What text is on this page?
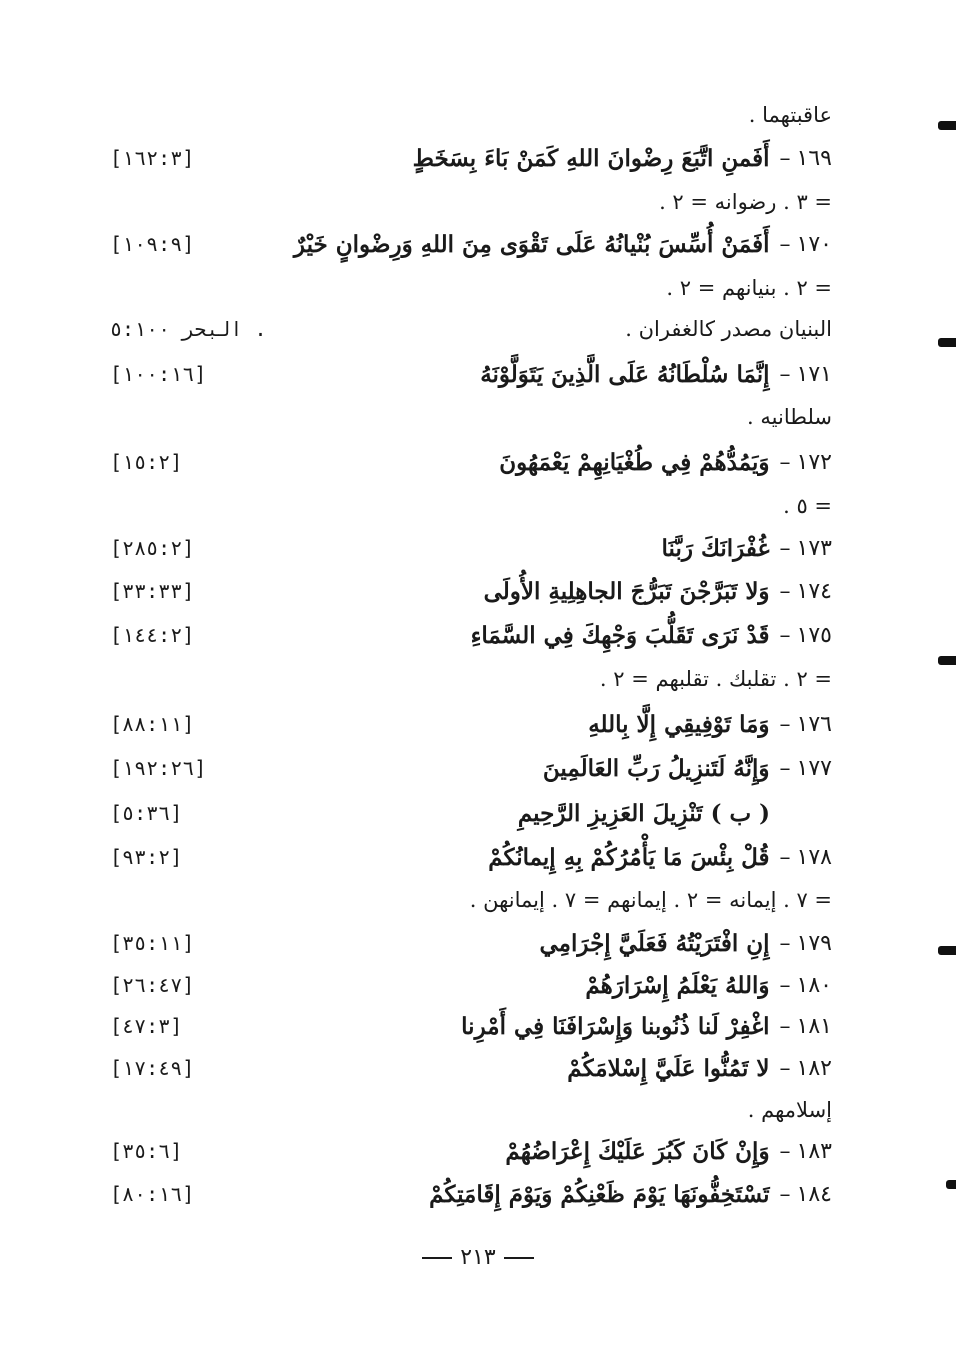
عاقبتهما .
١٦٩
–
أَفَمنِ اتَّبَعَ رِضْوانَ اللهِ كَمَنْ بَاءَ بِسَخَطٍ
[١٦٢:٣]
= ٣ . رضوانه = ٢ .
١٧٠
–
أَفَمَنْ أُسِّسَ بُنْيانُهُ عَلَى تَقْوَى مِنَ اللهِ وَرِضْوانٍ خَيْرٌ
[١٠٩:٩]
= ٢ . بنيانهم = ٢ .
البنيان مصدر كالغفران .
البحر ٥:١٠٠ .
١٧١
–
إِنَّمَا سُلْطَانُهُ عَلَى الَّذِينَ يَتَوَلَّوْنَهُ
[١٠٠:١٦]
سلطانيه .
١٧٢
–
وَيَمُدُّهُمْ فِي طُغْيَانِهِمْ يَعْمَهُونَ
[١٥:٢]
= ٥ .
١٧٣
–
غُفْرَانَكَ رَبَّنَا
[٢٨٥:٢]
١٧٤
–
وَلا تَبَرَّجْنَ تَبَرُّجَ الجاهِلِيةِ الأُولَى
[٣٣:٣٣]
١٧٥
–
قَدْ نَرَى تَقَلُّبَ وَجْهِكَ فِي السَّمَاءِ
[١٤٤:٢]
= ٢ . تقلبك . تقلبهم = ٢ .
١٧٦
–
وَمَا تَوْفِيقِي إِلَّا بِاللهِ
[٨٨:١١]
١٧٧
–
وَإِنَّهُ لَتَنزِيلُ رَبِّ العَالَمِينَ
[١٩٢:٢٦]
( ب ) تَنْزِيلَ العَزِيزِ الرَّحِيمِ
[٥:٣٦]
١٧٨
–
قُلْ بِئْسَ مَا يَأْمُرُكُمْ بِهِ إِيمانُكُمْ
[٩٣:٢]
= ٧ . إيمانه = ٢ . إيمانهم = ٧ . إيمانهن .
١٧٩
–
إِنِ افْتَرَيْتُهُ فَعَلَيَّ إِجْرَامِي
[٣٥:١١]
١٨٠
–
وَاللهُ يَعْلَمُ إِسْرَارَهُمْ
[٢٦:٤٧]
١٨١
–
اغْفِرْ لَنا ذُنُوبنا وَإِسْرَافَنَا فِي أَمْرِنا
[٤٧:٣]
١٨٢
–
لا تَمُنُّوا عَلَيَّ إِسْلامَكُمْ
[١٧:٤٩]
إسلامهم .
١٨٣
–
وَإِنْ كَانَ كَبُرَ عَلَيْكَ إِعْرَاضُهُمْ
[٣٥:٦]
١٨٤
–
تَسْتَخِفُّونَهَا يَوْمَ ظَعْنِكُمْ وَيَوْمَ إِقَامَتِكُمْ
[٨٠:١٦]
٢١٣
